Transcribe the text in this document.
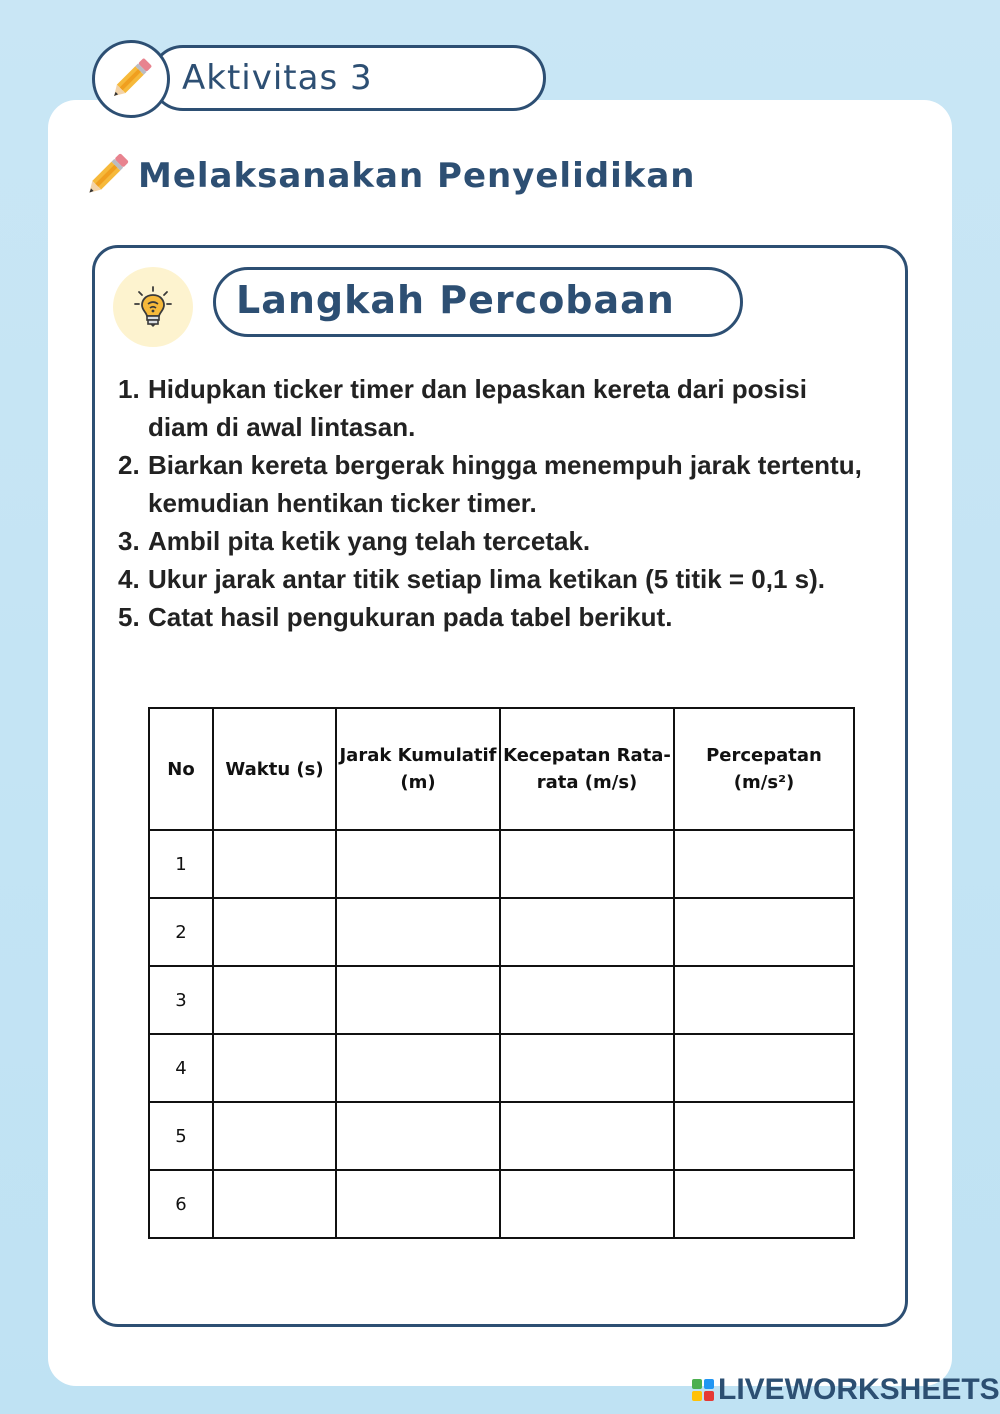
Aktivitas 3
Melaksanakan Penyelidikan
Langkah Percobaan
1. Hidupkan ticker timer dan lepaskan kereta dari posisi diam di awal lintasan.
2. Biarkan kereta bergerak hingga menempuh jarak tertentu, kemudian hentikan ticker timer.
3. Ambil pita ketik yang telah tercetak.
4. Ukur jarak antar titik setiap lima ketikan (5 titik = 0,1 s).
5. Catat hasil pengukuran pada tabel berikut.
No	Waktu (s)	Jarak Kumulatif (m)	Kecepatan Rata-rata (m/s)	Percepatan (m/s²)
1				
2				
3				
4				
5				
6				
LIVEWORKSHEETS
